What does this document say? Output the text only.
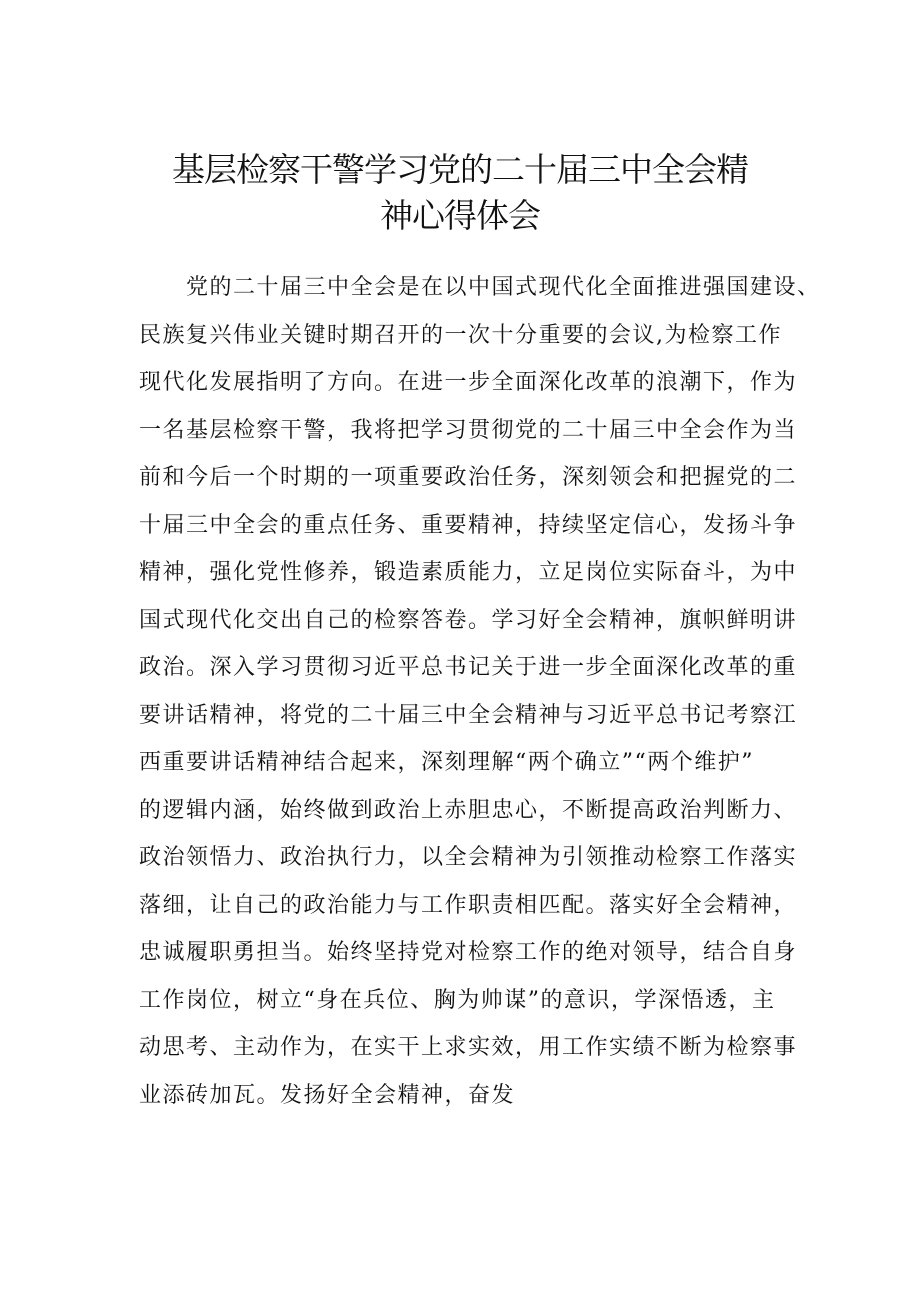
基层检察干警学习党的二十届三中全会精
神心得体会

党的二十届三中全会是在以中国式现代化全面推进强国建设、

民族复兴伟业关键时期召开的一次十分重要的会议,为检察工作

现代化发展指明了方向。在进一步全面深化改革的浪潮下，作为

一名基层检察干警，我将把学习贯彻党的二十届三中全会作为当

前和今后一个时期的一项重要政治任务，深刻领会和把握党的二

十届三中全会的重点任务、重要精神，持续坚定信心，发扬斗争

精神，强化党性修养，锻造素质能力，立足岗位实际奋斗，为中

国式现代化交出自己的检察答卷。学习好全会精神，旗帜鲜明讲

政治。深入学习贯彻习近平总书记关于进一步全面深化改革的重

要讲话精神，将党的二十届三中全会精神与习近平总书记考察江

西重要讲话精神结合起来，深刻理解“两个确立”“两个维护”

的逻辑内涵，始终做到政治上赤胆忠心，不断提高政治判断力、

政治领悟力、政治执行力，以全会精神为引领推动检察工作落实

落细，让自己的政治能力与工作职责相匹配。落实好全会精神，

忠诚履职勇担当。始终坚持党对检察工作的绝对领导，结合自身

工作岗位，树立“身在兵位、胸为帅谋”的意识，学深悟透，主

动思考、主动作为，在实干上求实效，用工作实绩不断为检察事

业添砖加瓦。发扬好全会精神，奋发
